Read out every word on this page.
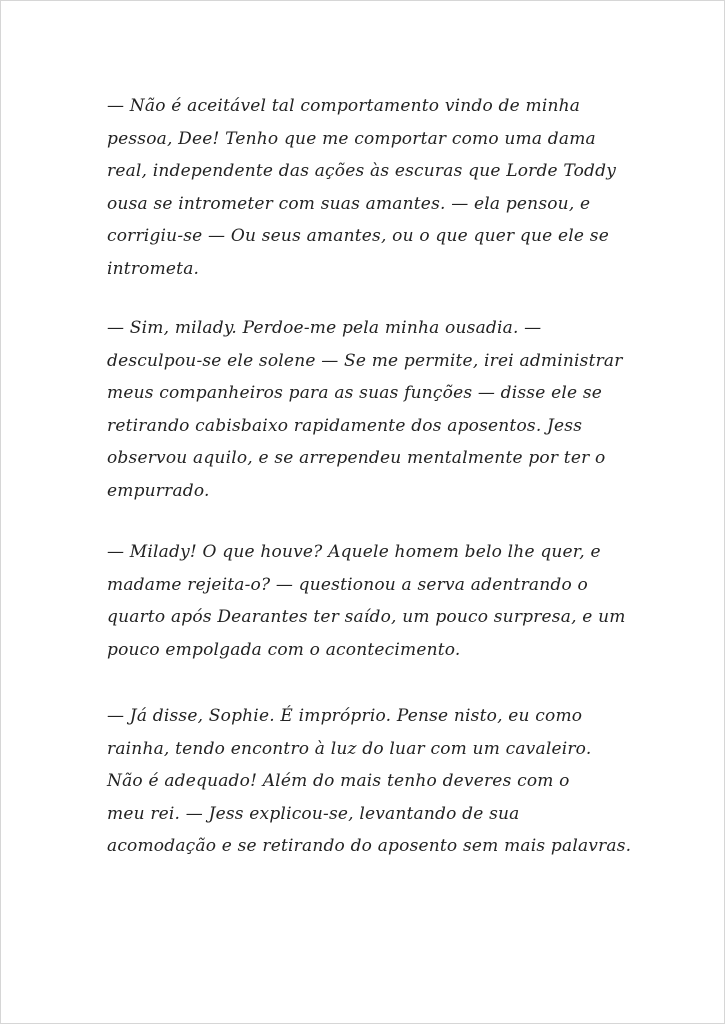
— Não é aceitável tal comportamento vindo de minha
pessoa, Dee! Tenho que me comportar como uma dama
real, independente das ações às escuras que Lorde Toddy
ousa se intrometer com suas amantes. — ela pensou, e
corrigiu-se — Ou seus amantes, ou o que quer que ele se
intrometa.
— Sim, milady. Perdoe-me pela minha ousadia. —
desculpou-se ele solene — Se me permite, irei administrar
meus companheiros para as suas funções — disse ele se
retirando cabisbaixo rapidamente dos aposentos. Jess
observou aquilo, e se arrependeu mentalmente por ter o
empurrado.
— Milady! O que houve? Aquele homem belo lhe quer, e
madame rejeita-o? — questionou a serva adentrando o
quarto após Dearantes ter saído, um pouco surpresa, e um
pouco empolgada com o acontecimento.
— Já disse, Sophie. É impróprio. Pense nisto, eu como
rainha, tendo encontro à luz do luar com um cavaleiro.
Não é adequado! Além do mais tenho deveres com o
meu rei. — Jess explicou-se, levantando de sua
acomodação e se retirando do aposento sem mais palavras.
